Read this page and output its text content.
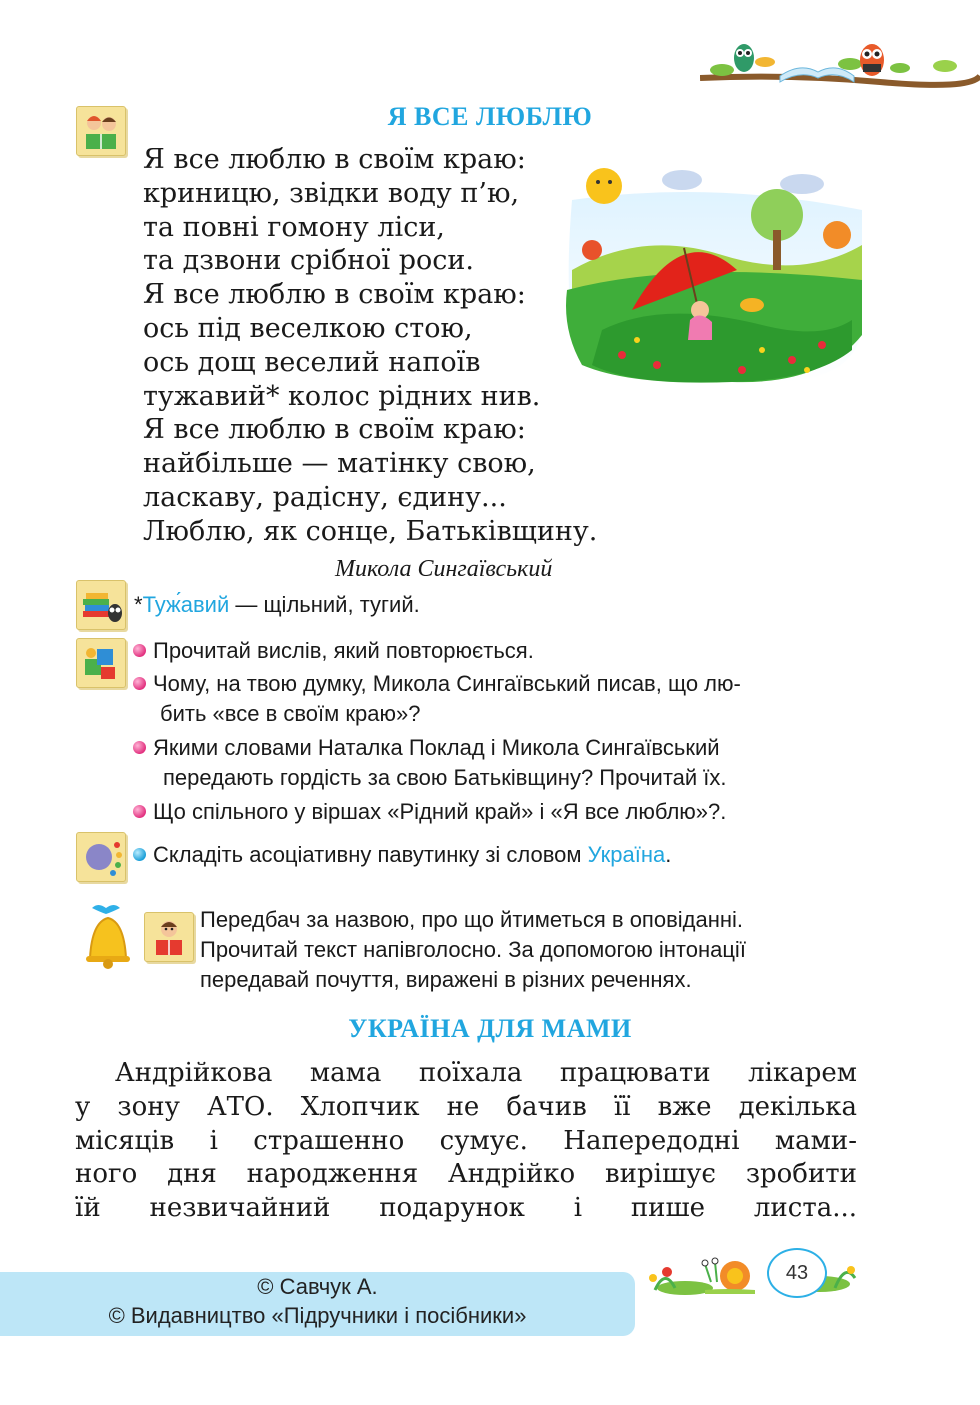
Я ВСЕ ЛЮБЛЮ
Я все люблю в своїм краю:
криницю, звідки воду п’ю,
та повні гомону ліси,
та дзвони срібної роси.
Я все люблю в своїм краю:
ось під веселкою стою,
ось дощ веселий напоїв
тужавий* колос рідних нив.
Я все люблю в своїм краю:
найбільше — матінку свою,
ласкаву, радісну, єдину...
Люблю, як сонце, Батьківщину.
Микола Сингаївський
*Туж́авий — щільний, тугий.
Прочитай вислів, який повторюється.
Чому, на твою думку, Микола Сингаївський писав, що лю-
бить «все в своїм краю»?
Якими словами Наталка Поклад і Микола Сингаївський
передають гордість за свою Батьківщину? Прочитай їх.
Що спільного у віршах «Рідний край» і «Я все люблю»?.
Складіть асоціативну павутинку зі словом Україна.
Передбач за назвою, про що йтиметься в оповіданні.
Прочитай текст напівголосно. За допомогою інтонації
передавай почуття, виражені в різних реченнях.
УКРАЇНА ДЛЯ МАМИ
Андрійкова мама поїхала працювати лікарем
у зону АТО. Хлопчик не бачив її вже декілька
місяців і страшенно сумує. Напередодні мами-
ного дня народження Андрійко вирішує зробити
їй незвичайний подарунок і пише листа...
© Савчук А.
© Видавництво «Підручники і посібники»
43
